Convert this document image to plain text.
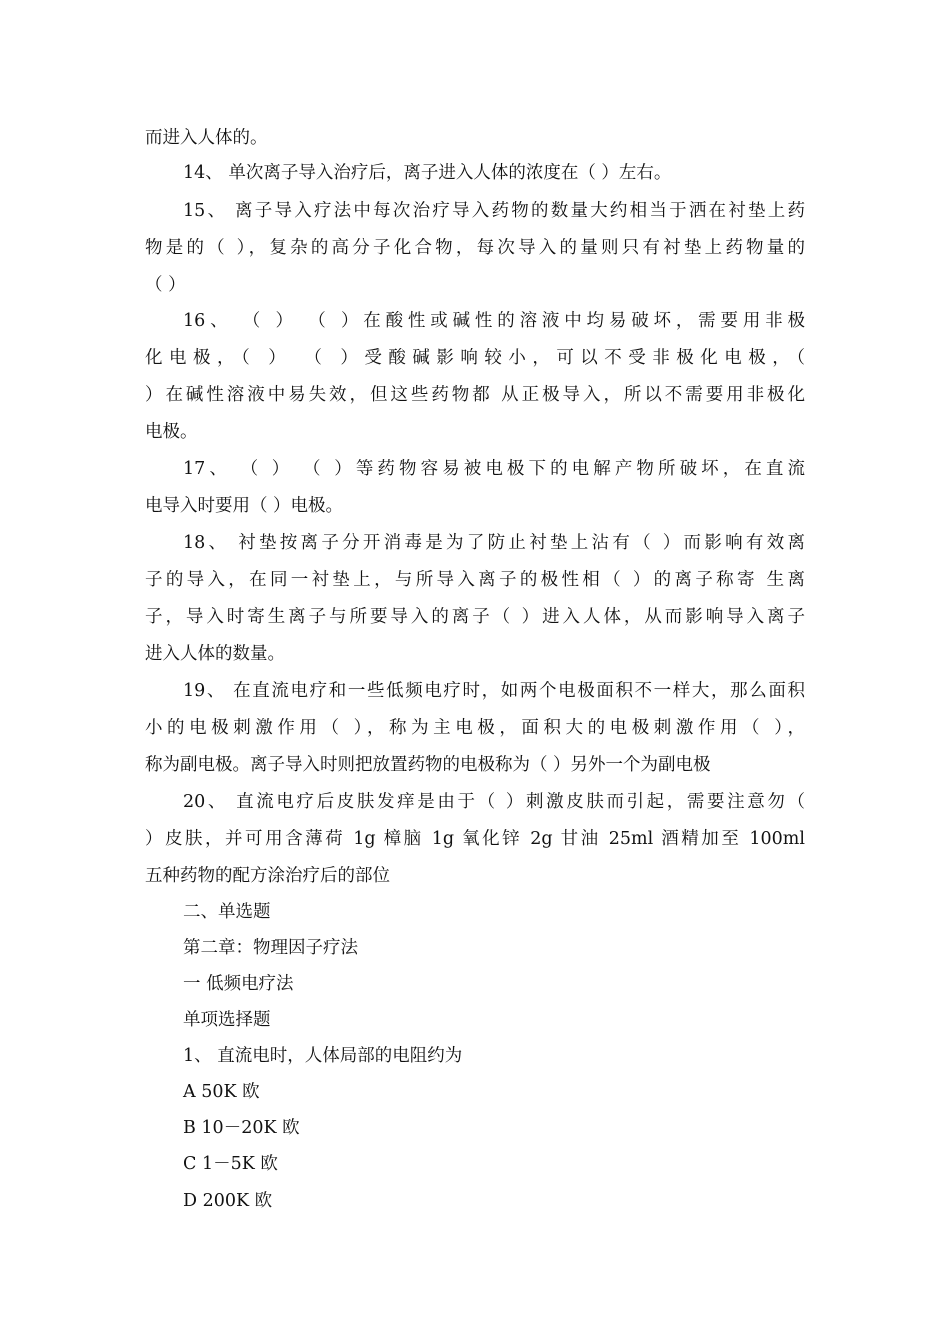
而进入人体的。
14、 单次离子导入治疗后，离子进入人体的浓度在（ ）左右。
15、 离子导入疗法中每次治疗导入药物的数量大约相当于洒在衬垫上药
物是的（ ），复杂的高分子化合物，每次导入的量则只有衬垫上药物量的
（ ）
16、 （ ） （ ）在酸性或碱性的溶液中均易破坏，需要用非极
化电极，（ ） （ ）受酸碱影响较小，可以不受非极化电极，（
）在碱性溶液中易失效，但这些药物都 从正极导入，所以不需要用非极化
电极。
17、 （ ） （ ）等药物容易被电极下的电解产物所破坏，在直流
电导入时要用（ ）电极。
18、 衬垫按离子分开消毒是为了防止衬垫上沾有（ ）而影响有效离
子的导入，在同一衬垫上，与所导入离子的极性相（ ）的离子称寄 生离
子，导入时寄生离子与所要导入的离子（ ）进入人体，从而影响导入离子
进入人体的数量。
19、 在直流电疗和一些低频电疗时，如两个电极面积不一样大，那么面积
小的电极刺激作用（ ），称为主电极，面积大的电极刺激作用（ ），
称为副电极。离子导入时则把放置药物的电极称为（ ）另外一个为副电极
20、 直流电疗后皮肤发痒是由于（ ）刺激皮肤而引起，需要注意勿（
）皮肤，并可用含薄荷 1g 樟脑 1g 氧化锌 2g 甘油 25ml 酒精加至 100ml
五种药物的配方涂治疗后的部位
二、单选题
第二章：物理因子疗法
一 低频电疗法
单项选择题
1、 直流电时，人体局部的电阻约为
A 50K 欧
B 10－20K 欧
C 1－5K 欧
D 200K 欧
